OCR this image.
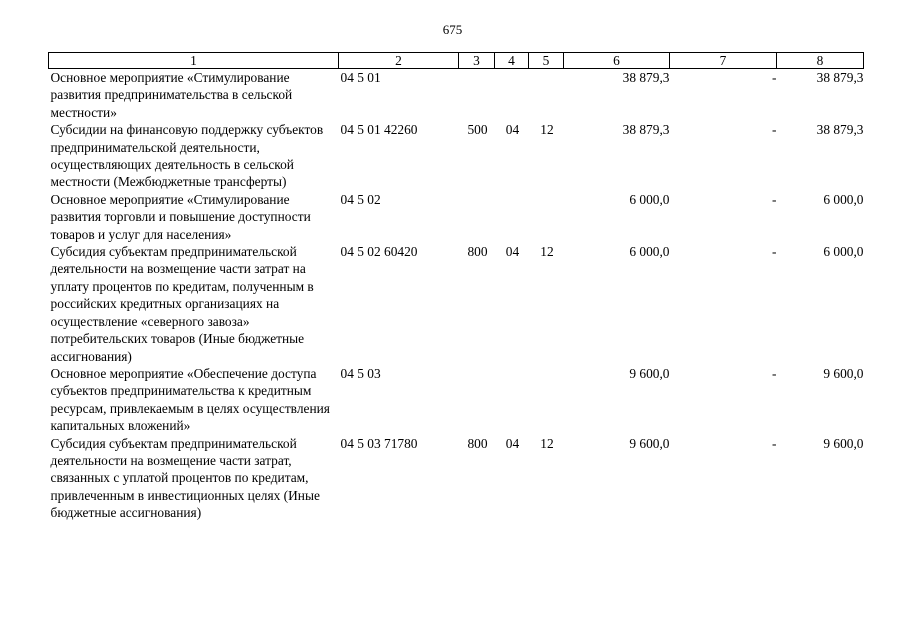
675
1	2	3	4	5	6	7	8
Основное мероприятие «Стимулирование развития предпринимательства в сельской местности»	04 5 01				38 879,3	-	38 879,3
Субсидии на финансовую поддержку субъектов предпринимательской деятельности, осуществляющих деятельность в сельской местности (Межбюджетные трансферты)	04 5 01 42260	500	04	12	38 879,3	-	38 879,3
Основное мероприятие «Стимулирование развития торговли и повышение доступности товаров и услуг для населения»	04 5 02				6 000,0	-	6 000,0
Субсидия субъектам предпринимательской деятельности на возмещение части затрат на уплату процентов по кредитам, полученным в российских кредитных организациях на осуществление «северного завоза» потребительских товаров (Иные бюджетные ассигнования)	04 5 02 60420	800	04	12	6 000,0	-	6 000,0
Основное мероприятие «Обеспечение доступа субъектов предпринимательства к кредитным ресурсам, привлекаемым в целях осуществления капитальных вложений»	04 5 03				9 600,0	-	9 600,0
Субсидия субъектам предпринимательской деятельности на возмещение части затрат, связанных с уплатой процентов по кредитам, привлеченным в инвестиционных целях (Иные бюджетные ассигнования)	04 5 03 71780	800	04	12	9 600,0	-	9 600,0
